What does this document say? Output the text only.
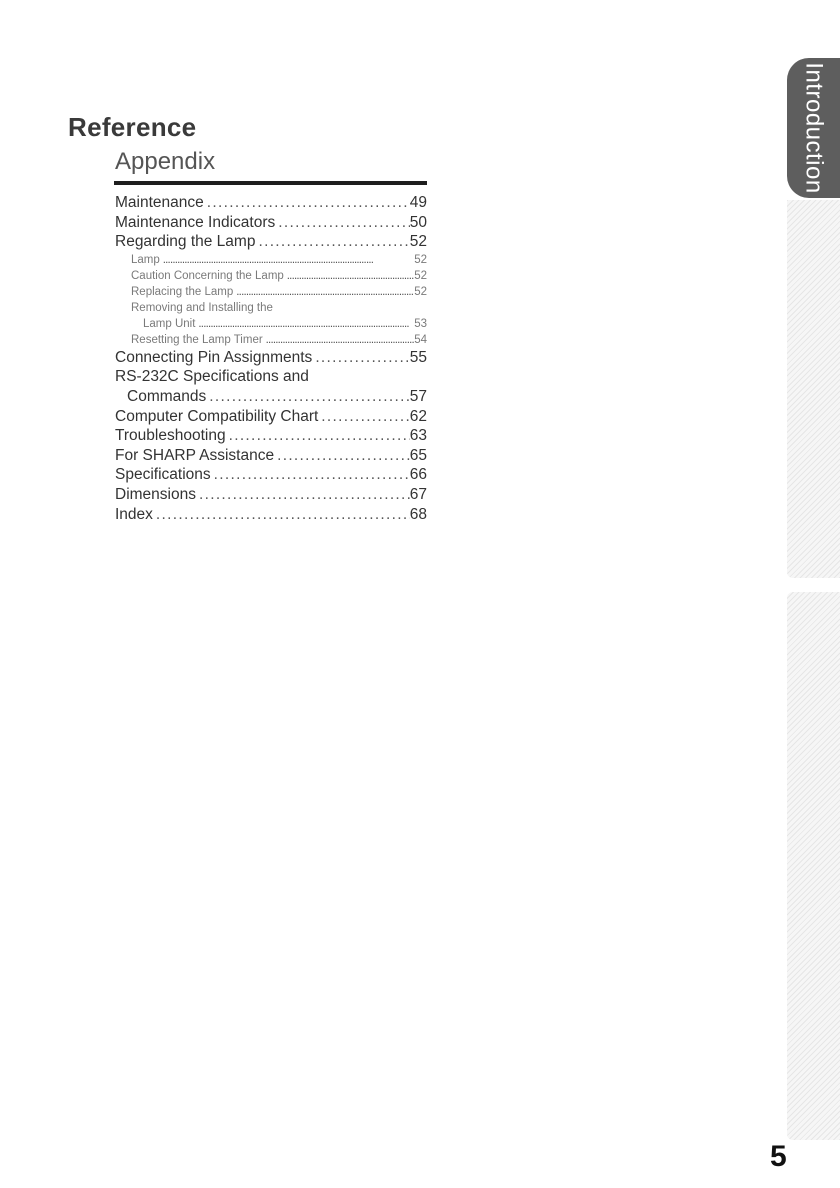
Reference
Appendix
Maintenance . . .	49
Maintenance Indicators . . .	50
Regarding the Lamp . . .	52
Lamp . . .	52
Caution Concerning the Lamp . . .	52
Replacing the Lamp . . .	52
Removing and Installing the
Lamp Unit . . .	53
Resetting the Lamp Timer . . .	54
Connecting Pin Assignments . . .	55
RS-232C Specifications and
Commands . . .	57
Computer Compatibility Chart . . .	62
Troubleshooting . . .	63
For SHARP Assistance . . .	65
Specifications . . .	66
Dimensions . . .	67
Index . . .	68
Introduction
5
